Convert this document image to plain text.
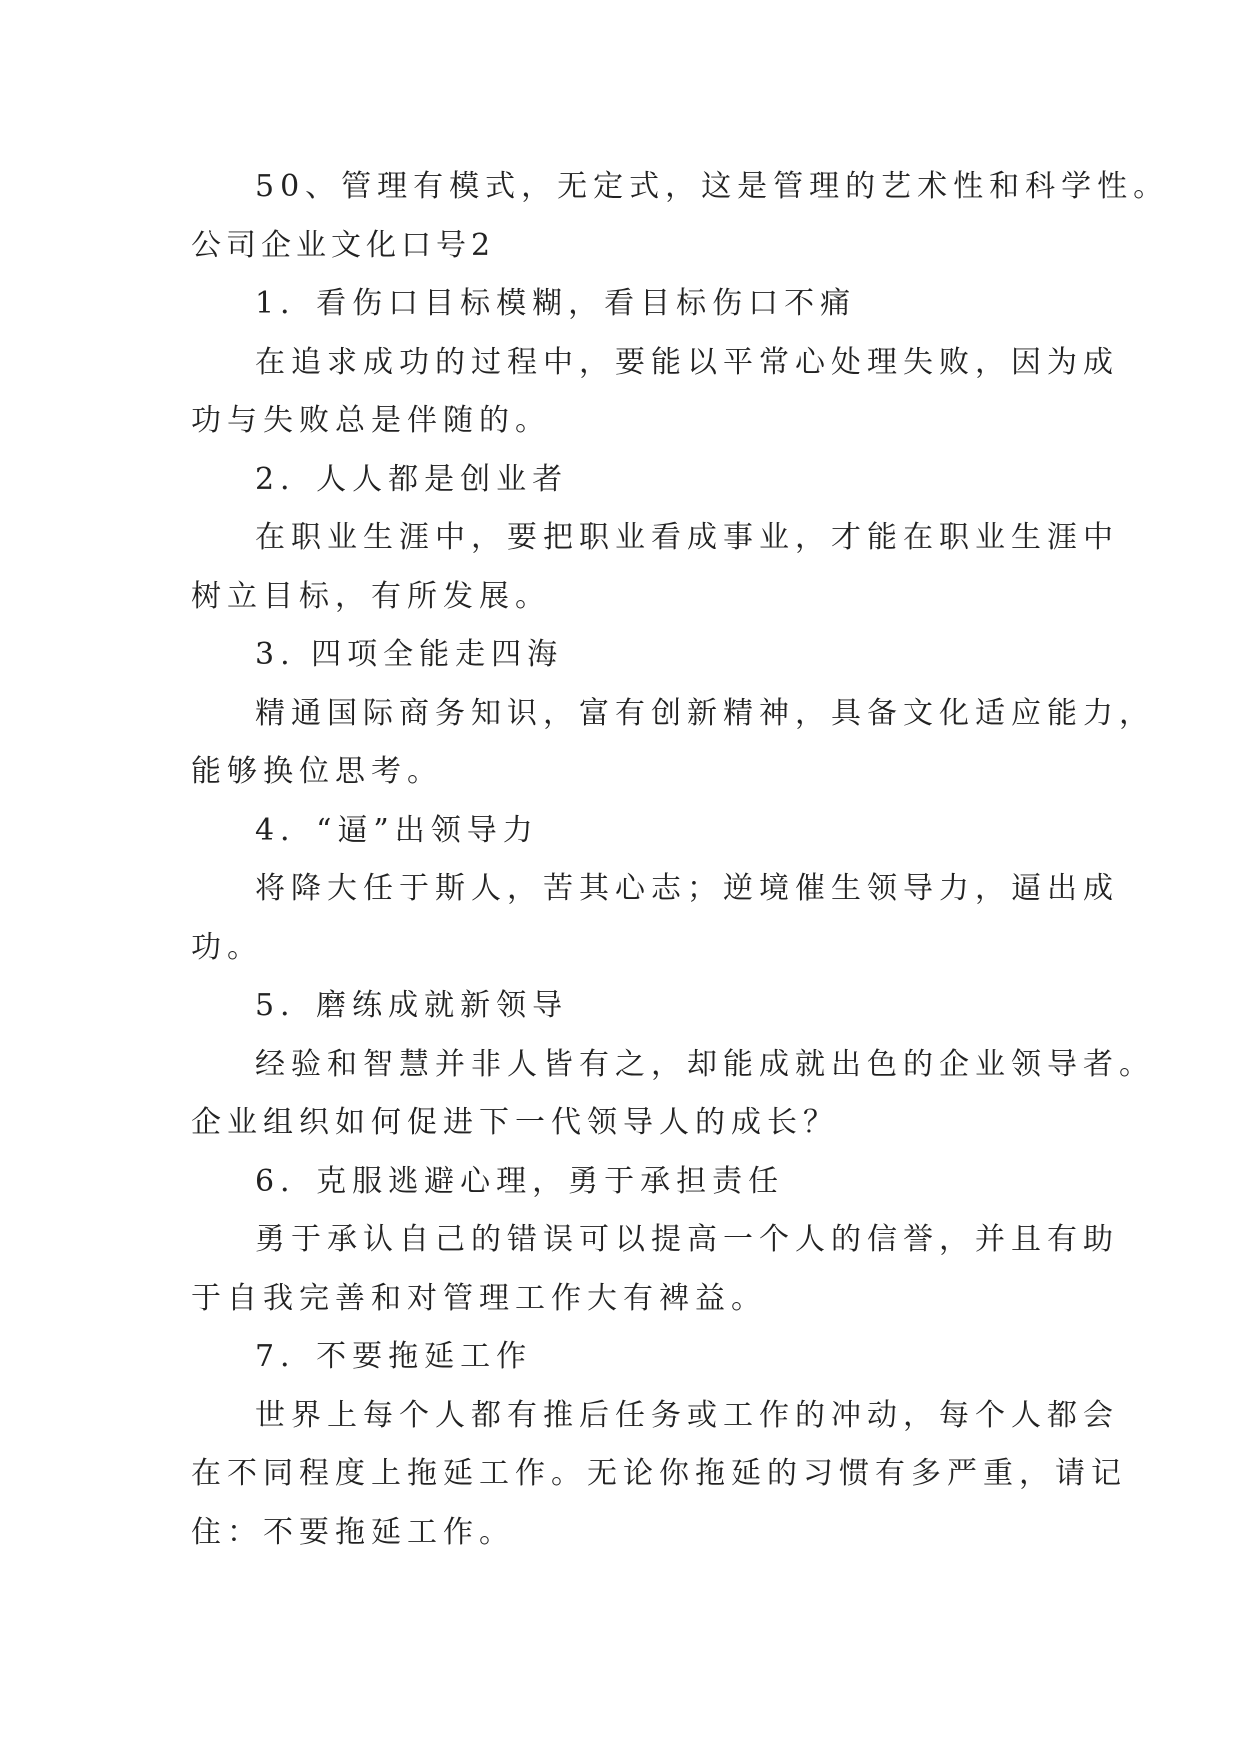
50、管理有模式，无定式，这是管理的艺术性和科学性。
公司企业文化口号2
1．看伤口目标模糊，看目标伤口不痛
在追求成功的过程中，要能以平常心处理失败，因为成
功与失败总是伴随的。
2．人人都是创业者
在职业生涯中，要把职业看成事业，才能在职业生涯中
树立目标，有所发展。
3. 四项全能走四海
精通国际商务知识，富有创新精神，具备文化适应能力，
能够换位思考。
4．“逼”出领导力
将降大任于斯人，苦其心志；逆境催生领导力，逼出成
功。
5．磨练成就新领导
经验和智慧并非人皆有之，却能成就出色的企业领导者。
企业组织如何促进下一代领导人的成长？
6．克服逃避心理，勇于承担责任
勇于承认自己的错误可以提高一个人的信誉，并且有助
于自我完善和对管理工作大有裨益。
7．不要拖延工作
世界上每个人都有推后任务或工作的冲动，每个人都会
在不同程度上拖延工作。无论你拖延的习惯有多严重，请记
住：不要拖延工作。
